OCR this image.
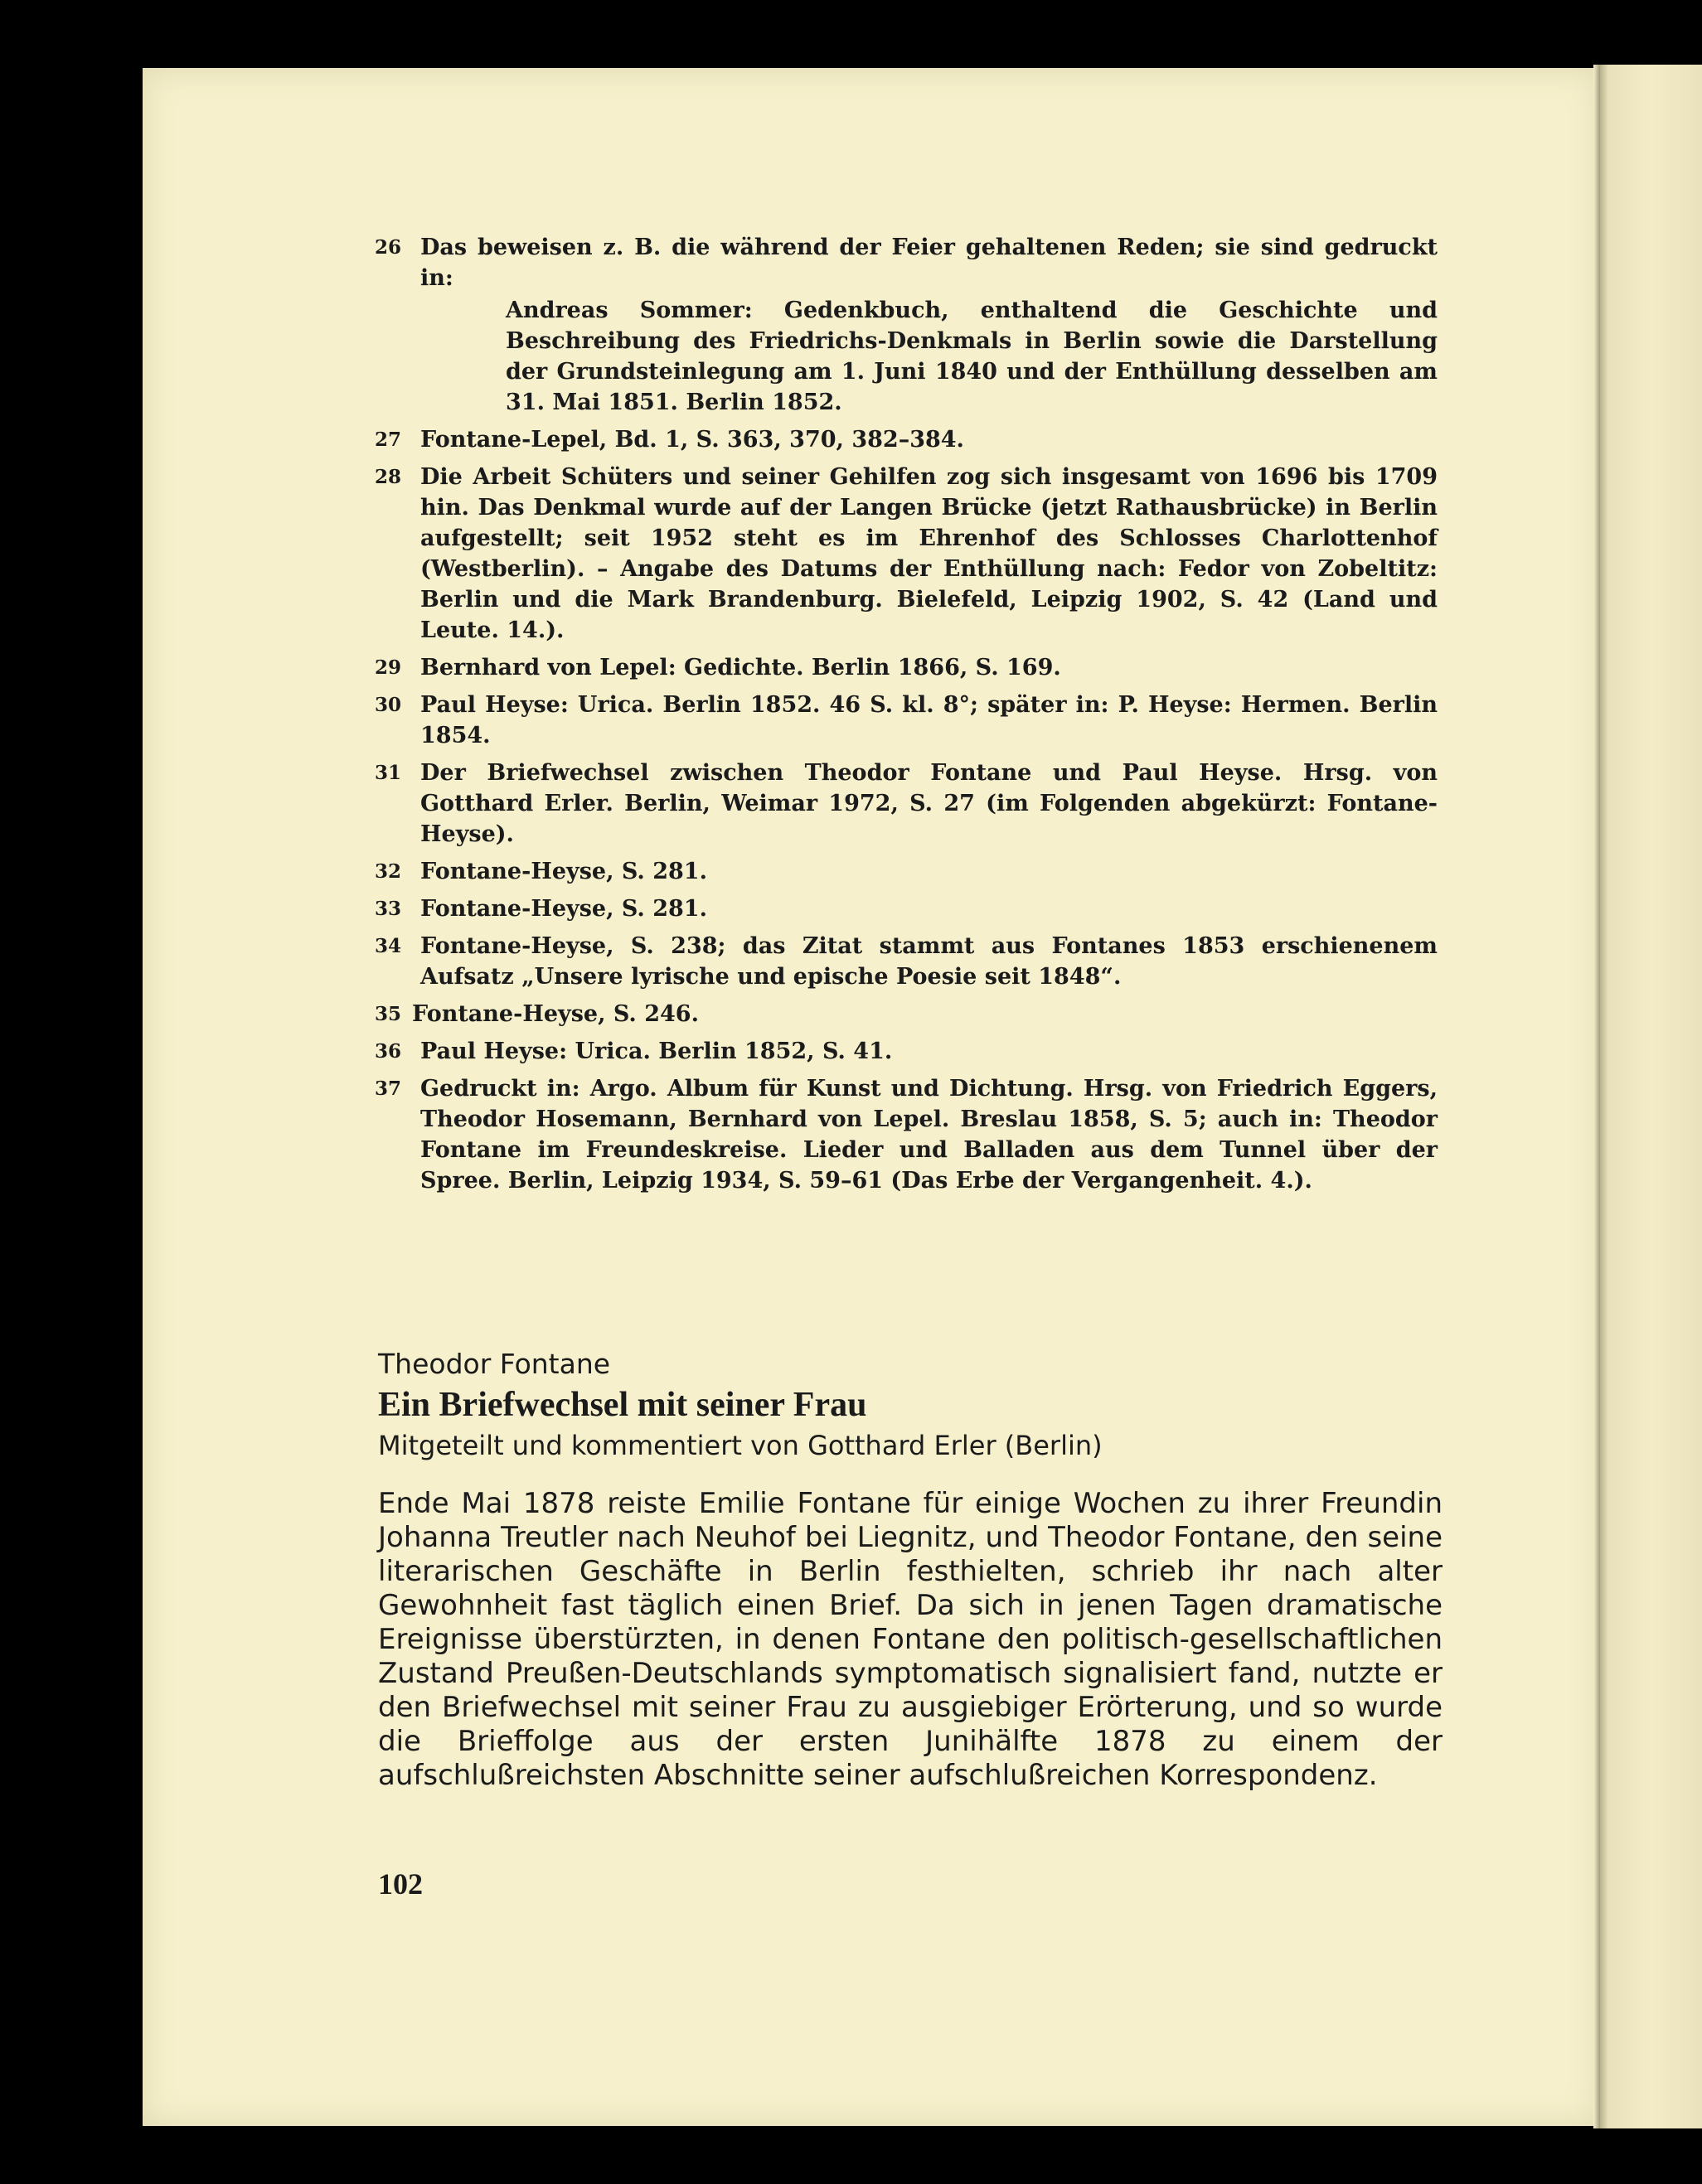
26 Das beweisen z. B. die während der Feier gehaltenen Reden; sie sind gedruckt in:
Andreas Sommer: Gedenkbuch, enthaltend die Geschichte und Beschreibung des Friedrichs-Denkmals in Berlin sowie die Darstellung der Grundsteinlegung am 1. Juni 1840 und der Enthüllung desselben am 31. Mai 1851. Berlin 1852.
27 Fontane-Lepel, Bd. 1, S. 363, 370, 382–384.
28 Die Arbeit Schüters und seiner Gehilfen zog sich insgesamt von 1696 bis 1709 hin. Das Denkmal wurde auf der Langen Brücke (jetzt Rathausbrücke) in Berlin aufgestellt; seit 1952 steht es im Ehrenhof des Schlosses Charlottenhof (Westberlin). – Angabe des Datums der Enthüllung nach: Fedor von Zobeltitz: Berlin und die Mark Brandenburg. Bielefeld, Leipzig 1902, S. 42 (Land und Leute. 14.).
29 Bernhard von Lepel: Gedichte. Berlin 1866, S. 169.
30 Paul Heyse: Urica. Berlin 1852. 46 S. kl. 8°; später in: P. Heyse: Hermen. Berlin 1854.
31 Der Briefwechsel zwischen Theodor Fontane und Paul Heyse. Hrsg. von Gotthard Erler. Berlin, Weimar 1972, S. 27 (im Folgenden abgekürzt: Fontane-Heyse).
32 Fontane-Heyse, S. 281.
33 Fontane-Heyse, S. 281.
34 Fontane-Heyse, S. 238; das Zitat stammt aus Fontanes 1853 erschienenem Aufsatz „Unsere lyrische und epische Poesie seit 1848“.
35 Fontane-Heyse, S. 246.
36 Paul Heyse: Urica. Berlin 1852, S. 41.
37 Gedruckt in: Argo. Album für Kunst und Dichtung. Hrsg. von Friedrich Eggers, Theodor Hosemann, Bernhard von Lepel. Breslau 1858, S. 5; auch in: Theodor Fontane im Freundeskreise. Lieder und Balladen aus dem Tunnel über der Spree. Berlin, Leipzig 1934, S. 59–61 (Das Erbe der Vergangenheit. 4.).

Theodor Fontane

Ein Briefwechsel mit seiner Frau

Mitgeteilt und kommentiert von Gotthard Erler (Berlin)

Ende Mai 1878 reiste Emilie Fontane für einige Wochen zu ihrer Freundin Johanna Treutler nach Neuhof bei Liegnitz, und Theodor Fontane, den seine literarischen Geschäfte in Berlin festhielten, schrieb ihr nach alter Gewohnheit fast täglich einen Brief. Da sich in jenen Tagen dramatische Ereignisse überstürzten, in denen Fontane den politisch-gesellschaftlichen Zustand Preußen-Deutschlands symptomatisch signalisiert fand, nutzte er den Briefwechsel mit seiner Frau zu ausgiebiger Erörterung, und so wurde die Brieffolge aus der ersten Junihälfte 1878 zu einem der aufschlußreichsten Abschnitte seiner aufschlußreichen Korrespondenz.
102
